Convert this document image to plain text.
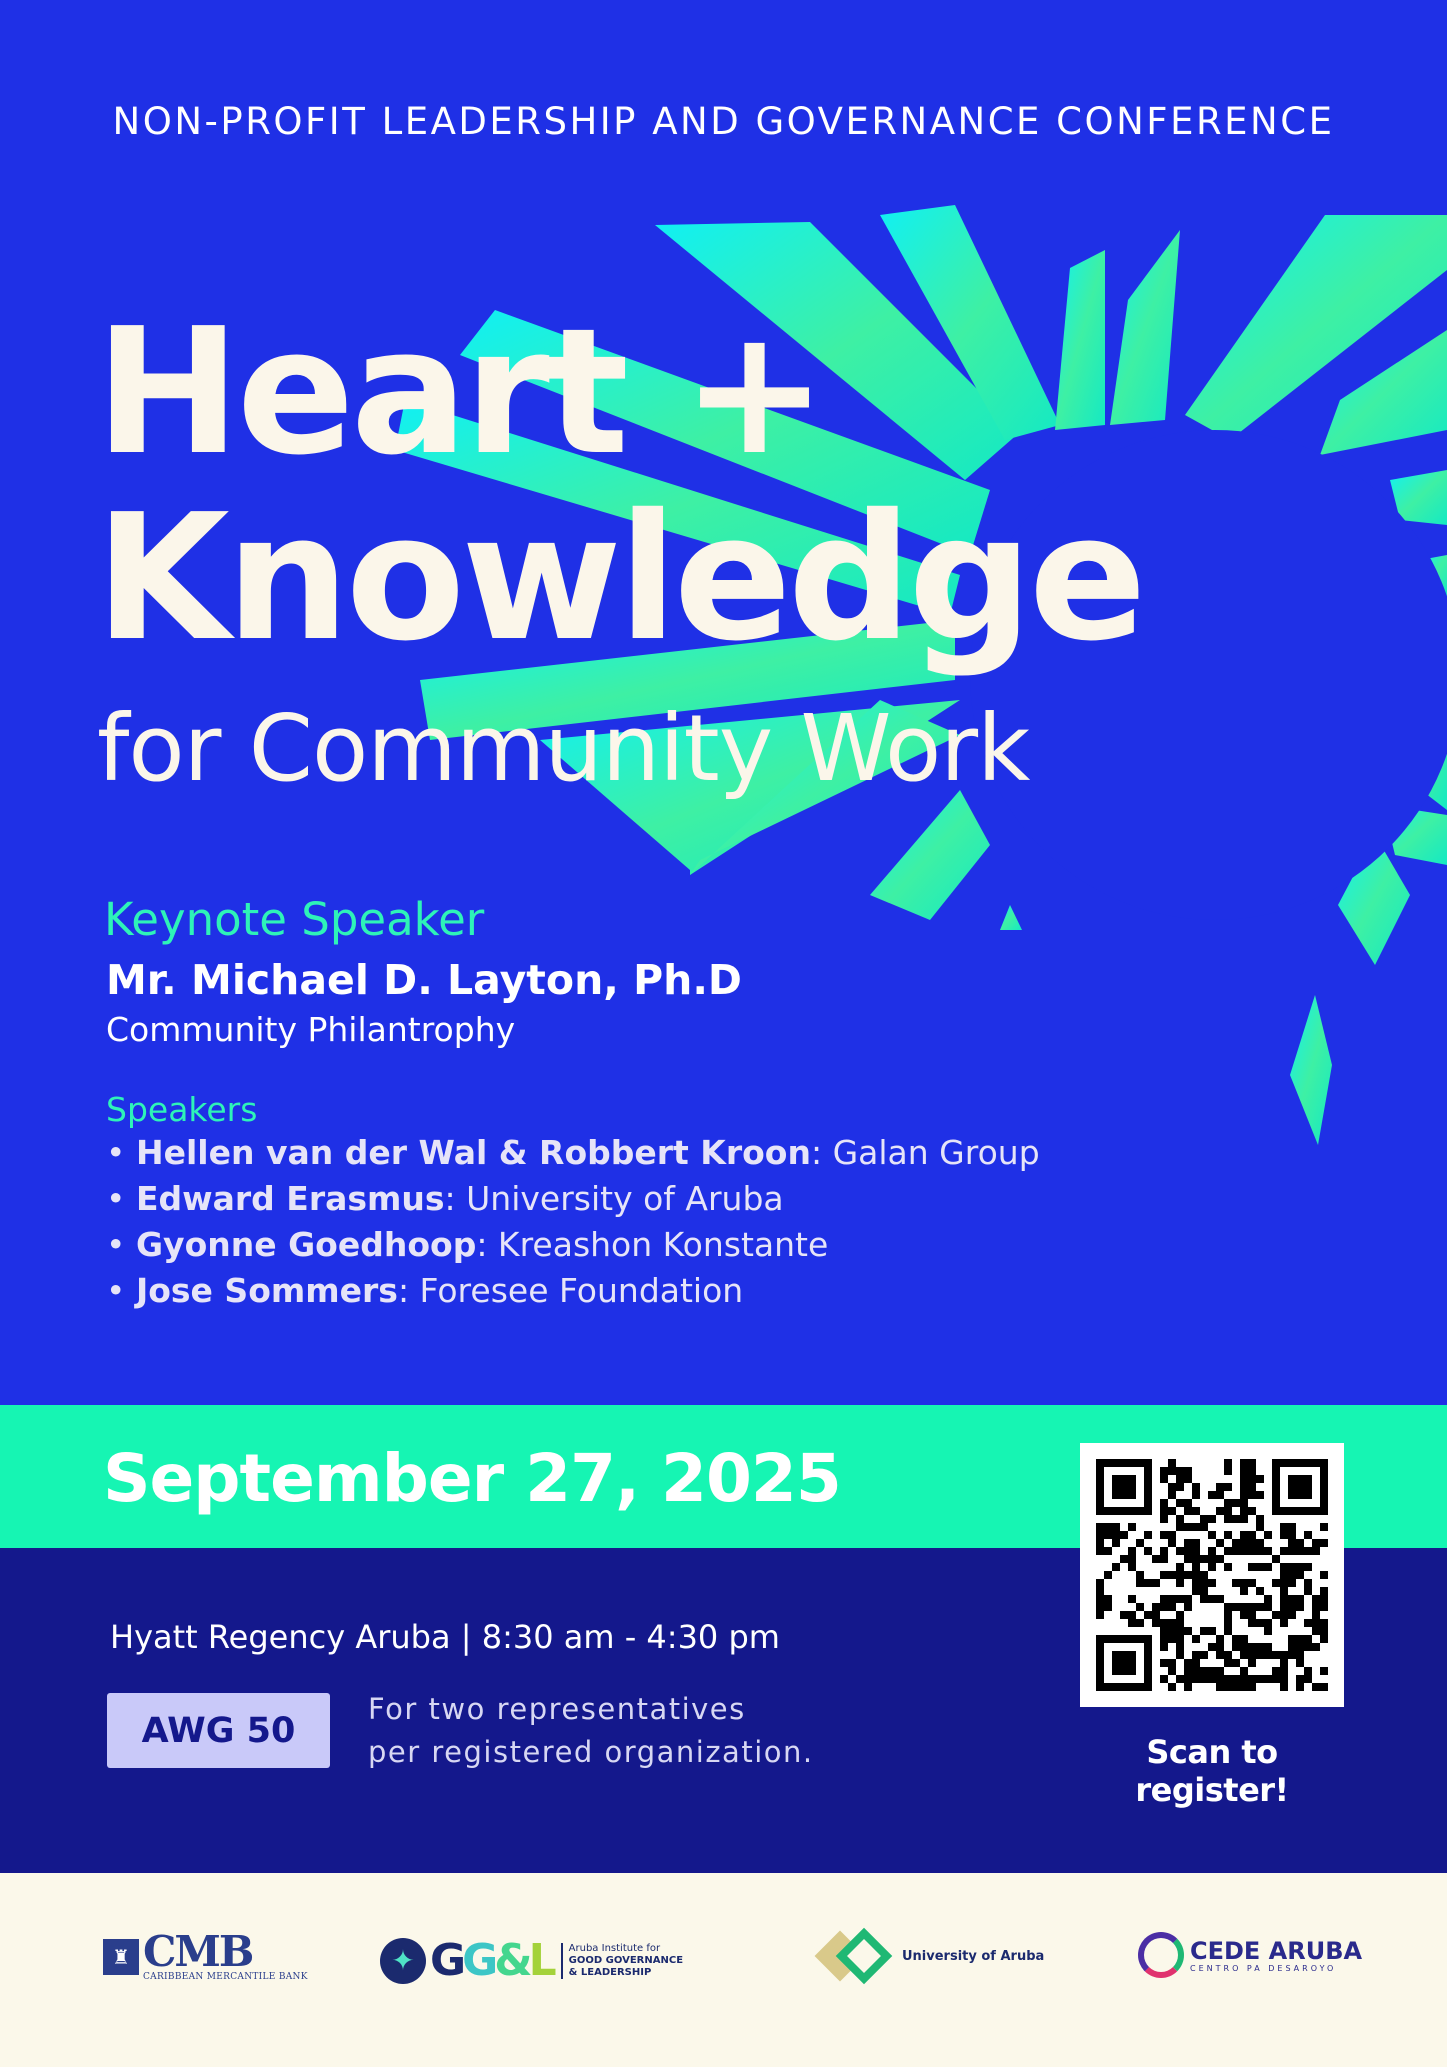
NON-PROFIT LEADERSHIP AND GOVERNANCE CONFERENCE
Heart +
Knowledge
for Community Work
Keynote Speaker
Mr. Michael D. Layton, Ph.D
Community Philantrophy
Speakers
• Hellen van der Wal & Robbert Kroon: Galan Group
• Edward Erasmus: University of Aruba
• Gyonne Goedhoop: Kreashon Konstante
• Jose Sommers: Foresee Foundation
September 27, 2025
Hyatt Regency Aruba | 8:30 am - 4:30 pm
AWG 50
For two representatives
per registered organization.	Scan to register!
♜ CMB
CARIBBEAN MERCANTILE BANK	✦ GG&L Aruba Institute for
GOOD GOVERNANCE
& LEADERSHIP
University of Aruba	CEDE ARUBA
CENTRO PA DESAROYO
